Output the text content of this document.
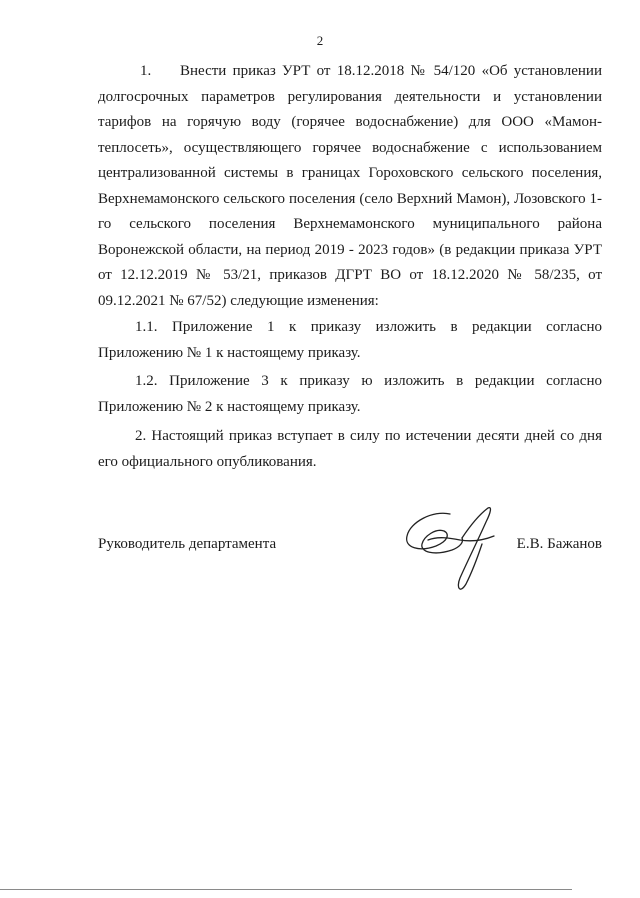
2

1. Внести приказ УРТ от 18.12.2018 № 54/120 «Об установлении долгосрочных параметров регулирования деятельности и установлении тарифов на горячую воду (горячее водоснабжение) для ООО «Мамон-теплосеть», осуществляющего горячее водоснабжение с использованием централизованной системы в границах Гороховского сельского поселения, Верхнемамонского сельского поселения (село Верхний Мамон), Лозовского 1-го сельского поселения Верхнемамонского муниципального района Воронежской области, на период 2019 - 2023 годов» (в редакции приказа УРТ от 12.12.2019 № 53/21, приказов ДГРТ ВО от 18.12.2020 № 58/235, от 09.12.2021 № 67/52) следующие изменения:

1.1. Приложение 1 к приказу изложить в редакции согласно Приложению № 1 к настоящему приказу.

1.2. Приложение 3 к приказу ю изложить в редакции согласно Приложению № 2 к настоящему приказу.

2. Настоящий приказ вступает в силу по истечении десяти дней со дня его официального опубликования.

Руководитель департамента	Е.В. Бажанов
